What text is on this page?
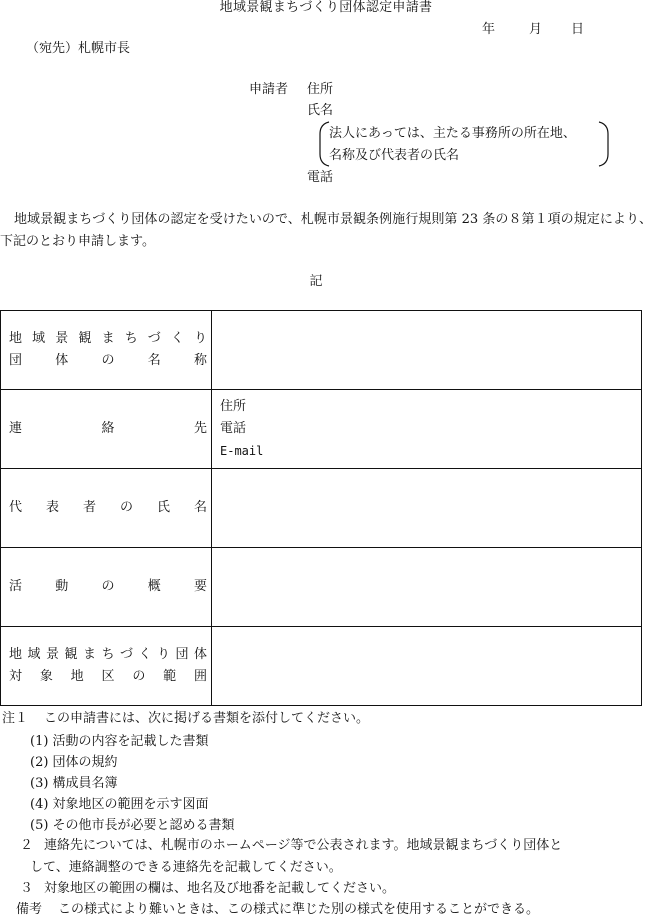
地域景観まちづくり団体認定申請書
年	月 日
（宛先）札幌市長
申請者 住所
氏名
法人にあっては、主たる事務所の所在地、
名称及び代表者の氏名
電話
地域景観まちづくり団体の認定を受けたいので、札幌市景観条例施行規則第 23 条の８第１項の規定により、下記のとおり申請します。
記
地域景観まちづくり
団体の名称	

連絡先	住所
電話
E-mail

代表者の氏名	

活動の概要	

地域景観まちづくり団体
対象地区の範囲	

注１ この申請書には、次に掲げる書類を添付してください。
(1) 活動の内容を記載した書類
(2) 団体の規約
(3) 構成員名簿
(4) 対象地区の範囲を示す図面
(5) その他市長が必要と認める書類
２ 連絡先については、札幌市のホームページ等で公表されます。地域景観まちづくり団体と
して、連絡調整のできる連絡先を記載してください。
３ 対象地区の範囲の欄は、地名及び地番を記載してください。
備考 この様式により難いときは、この様式に準じた別の様式を使用することができる。
